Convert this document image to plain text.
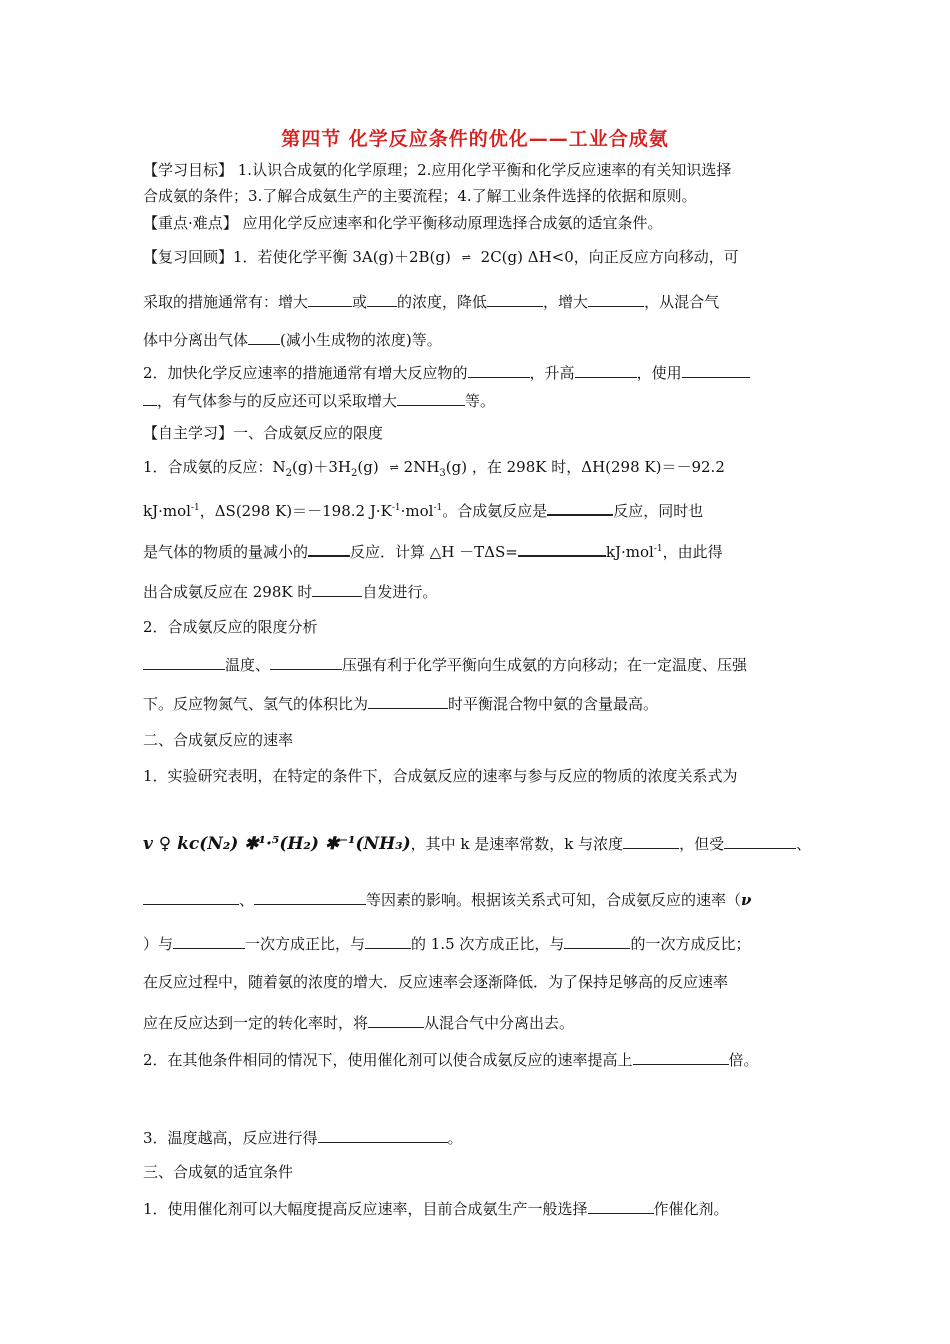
第四节 化学反应条件的优化——工业合成氨
【学习目标】 1.认识合成氨的化学原理；2.应用化学平衡和化学反应速率的有关知识选择
合成氨的条件；3.了解合成氨生产的主要流程；4.了解工业条件选择的依据和原则。
【重点·难点】 应用化学反应速率和化学平衡移动原理选择合成氨的适宜条件。
【复习回顾】1．若使化学平衡 3A(g)＋2B(g) ⇌ 2C(g) ΔH<0，向正反应方向移动，可
采取的措施通常有：增大	或 的浓度，降低	，增大	，从混合气
体中分离出气体 (减小生成物的浓度)等。
2．加快化学反应速率的措施通常有增大反应物的	，升高	，使用
，有气体参与的反应还可以采取增大	等。
【自主学习】一、合成氨反应的限度
1．合成氨的反应：$N_2(g)+3H_2(g)$ ⇌ $2NH_3(g)$ ，在 298K 时，ΔH(298 K)＝－92.2
kJ·mol$^{-1}$，ΔS(298 K)＝－198.2 $J\cdot K^{-1}\cdot mol^{-1}$。合成氨反应是	反应，同时也
是气体的物质的量减小的	反应．计算 △H －TΔS=	kJ·mol$^{-1}$，由此得
出合成氨反应在 298K 时	自发进行。
2．合成氨反应的限度分析
温度、	压强有利于化学平衡向生成氨的方向移动；在一定温度、压强
下。反应物氮气、氢气的体积比为	时平衡混合物中氨的含量最高。
二、合成氨反应的速率
1．实验研究表明，在特定的条件下，合成氨反应的速率与参与反应的物质的浓度关系式为
v ♀ kc(N₂) ✱¹·⁵(H₂) ✱⁻¹(NH₃)，其中 k 是速率常数，k 与浓度	，但受	、
、	等因素的影响。根据该关系式可知，合成氨反应的速率（ν
）与	一次方成正比，与	的 1.5 次方成正比，与	的一次方成反比；
在反应过程中，随着氨的浓度的增大．反应速率会逐渐降低．为了保持足够高的反应速率
应在反应达到一定的转化率时，将	从混合气中分离出去。
2．在其他条件相同的情况下，使用催化剂可以使合成氨反应的速率提高上	倍。
3．温度越高，反应进行得	。
三、合成氨的适宜条件
1．使用催化剂可以大幅度提高反应速率，目前合成氨生产一般选择	作催化剂。
